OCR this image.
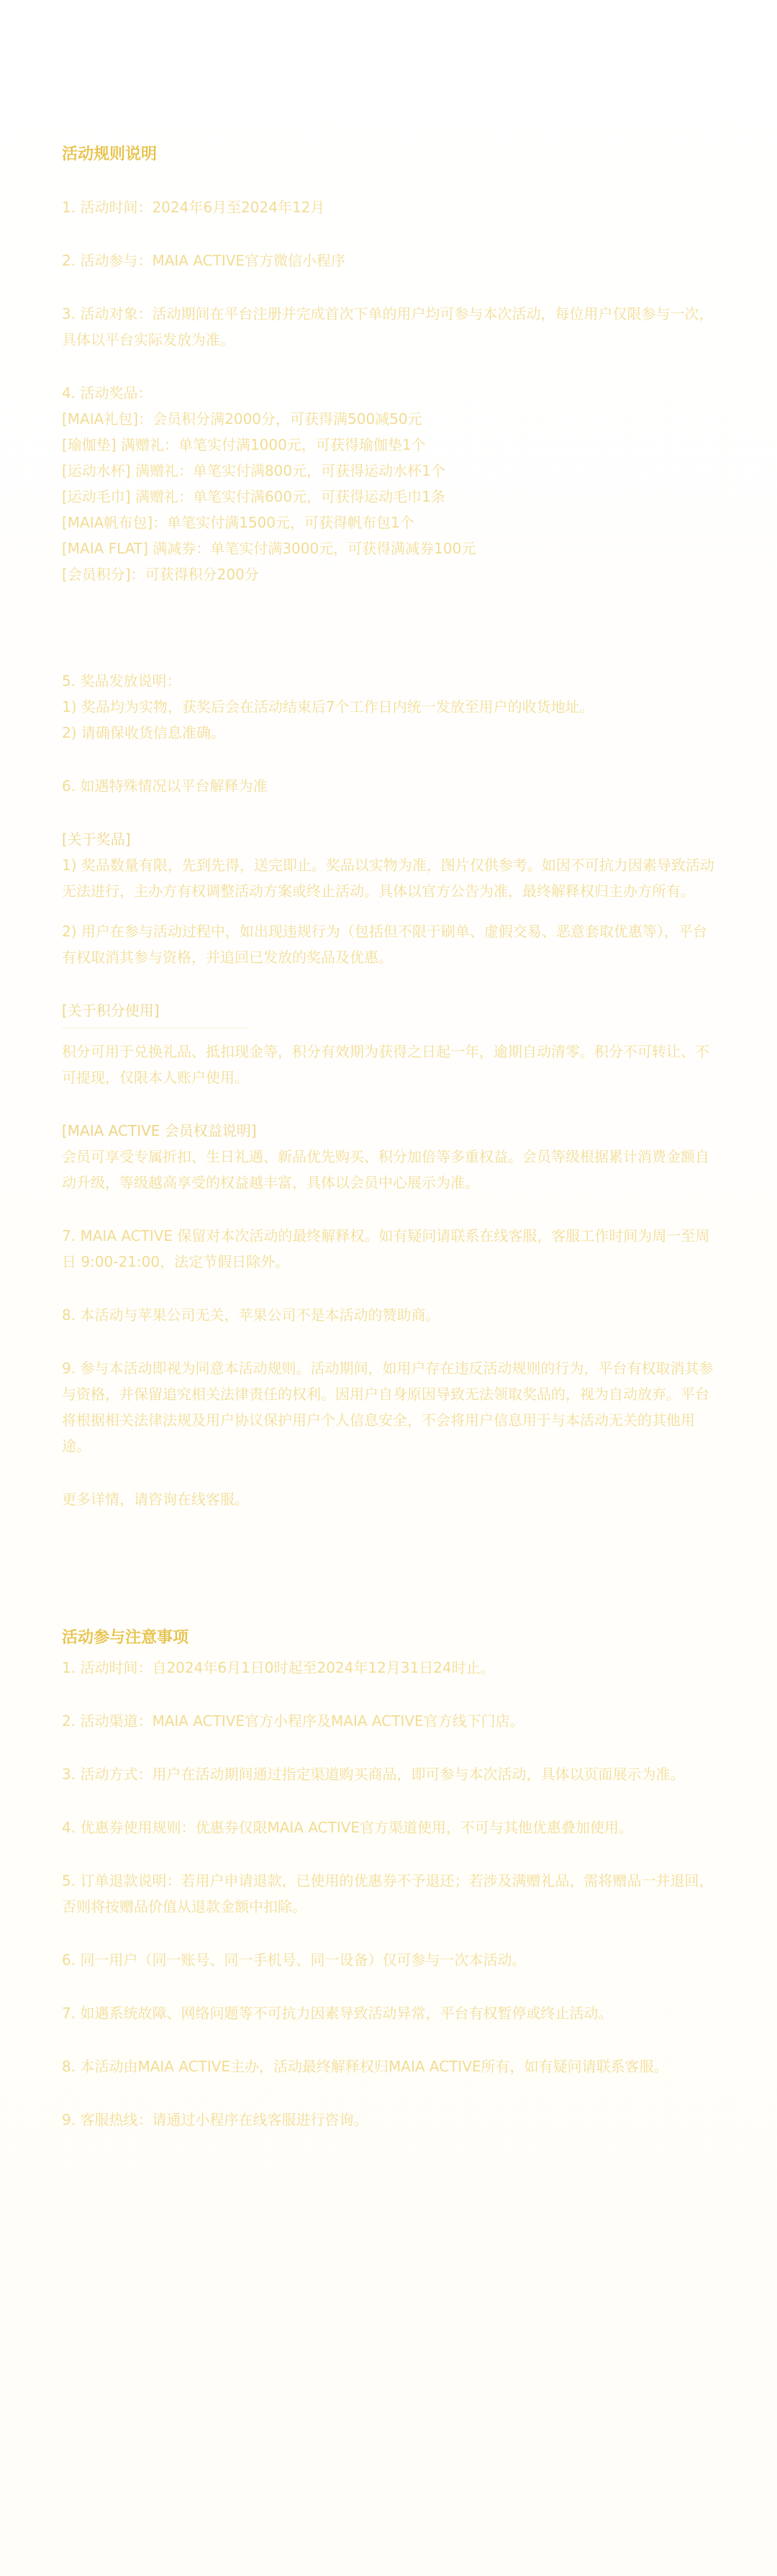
活动规则说明
1. 活动时间：2024年6月至2024年12月
2. 活动参与：MAIA ACTIVE官方微信小程序
3. 活动对象：活动期间在平台注册并完成首次下单的用户均可参与本次活动，每位用户仅限参与一次，具体以平台实际发放为准。
4. 活动奖品：
[MAIA礼包]：会员积分满2000分，可获得满500减50元
[瑜伽垫] 满赠礼：单笔实付满1000元，可获得瑜伽垫1个
[运动水杯] 满赠礼：单笔实付满800元，可获得运动水杯1个
[运动毛巾] 满赠礼：单笔实付满600元，可获得运动毛巾1条
[MAIA帆布包]：单笔实付满1500元，可获得帆布包1个
[MAIA FLAT] 满减券：单笔实付满3000元，可获得满减券100元
[会员积分]：可获得积分200分
5. 奖品发放说明：
1) 奖品均为实物，获奖后会在活动结束后7个工作日内统一发放至用户的收货地址。
2) 请确保收货信息准确。
6. 如遇特殊情况以平台解释为准
[关于奖品]
1) 奖品数量有限，先到先得，送完即止。奖品以实物为准，图片仅供参考。如因不可抗力因素导致活动无法进行，主办方有权调整活动方案或终止活动。具体以官方公告为准，最终解释权归主办方所有。
2) 用户在参与活动过程中，如出现违规行为（包括但不限于刷单、虚假交易、恶意套取优惠等），平台有权取消其参与资格，并追回已发放的奖品及优惠。
[关于积分使用]
积分可用于兑换礼品、抵扣现金等，积分有效期为获得之日起一年，逾期自动清零。积分不可转让、不可提现，仅限本人账户使用。
[MAIA ACTIVE 会员权益说明]
会员可享受专属折扣、生日礼遇、新品优先购买、积分加倍等多重权益。会员等级根据累计消费金额自动升级，等级越高享受的权益越丰富，具体以会员中心展示为准。
7. MAIA ACTIVE 保留对本次活动的最终解释权。如有疑问请联系在线客服，客服工作时间为周一至周日 9:00-21:00，法定节假日除外。
8. 本活动与苹果公司无关，苹果公司不是本活动的赞助商。
9. 参与本活动即视为同意本活动规则。活动期间，如用户存在违反活动规则的行为，平台有权取消其参与资格，并保留追究相关法律责任的权利。因用户自身原因导致无法领取奖品的，视为自动放弃。平台将根据相关法律法规及用户协议保护用户个人信息安全，不会将用户信息用于与本活动无关的其他用途。
更多详情，请咨询在线客服。
活动参与注意事项
1. 活动时间：自2024年6月1日0时起至2024年12月31日24时止。
2. 活动渠道：MAIA ACTIVE官方小程序及MAIA ACTIVE官方线下门店。
3. 活动方式：用户在活动期间通过指定渠道购买商品，即可参与本次活动，具体以页面展示为准。
4. 优惠券使用规则：优惠券仅限MAIA ACTIVE官方渠道使用，不可与其他优惠叠加使用。
5. 订单退款说明：若用户申请退款，已使用的优惠券不予退还；若涉及满赠礼品，需将赠品一并退回，否则将按赠品价值从退款金额中扣除。
6. 同一用户（同一账号、同一手机号、同一设备）仅可参与一次本活动。
7. 如遇系统故障、网络问题等不可抗力因素导致活动异常，平台有权暂停或终止活动。
8. 本活动由MAIA ACTIVE主办，活动最终解释权归MAIA ACTIVE所有，如有疑问请联系客服。
9. 客服热线：请通过小程序在线客服进行咨询。
